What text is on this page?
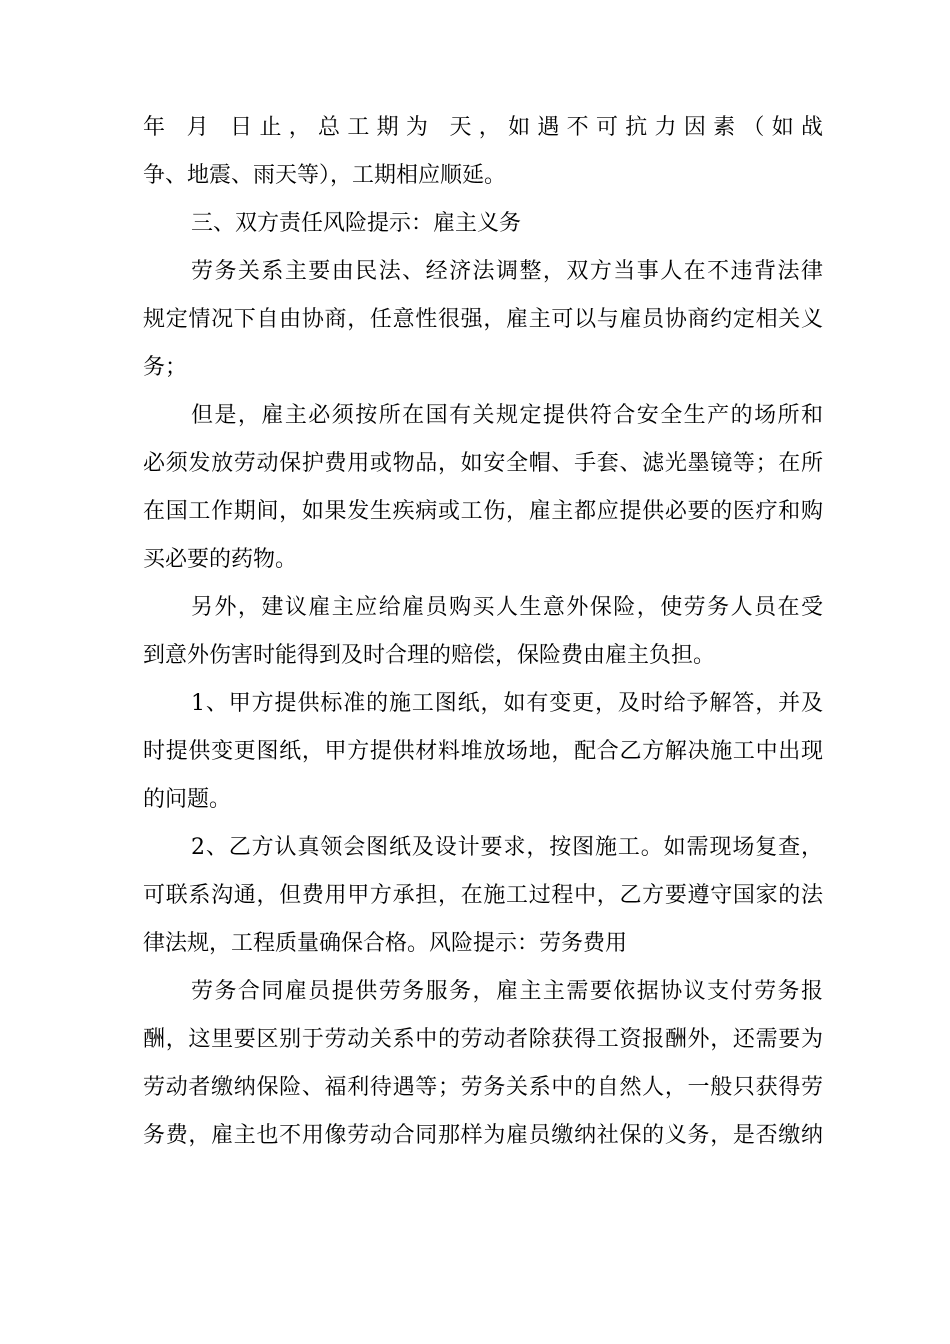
年 月 日止，总工期为 天，如遇不可抗力因素（如战
争、地震、雨天等），工期相应顺延。
三、双方责任风险提示：雇主义务
劳务关系主要由民法、经济法调整，双方当事人在不违背法律
规定情况下自由协商，任意性很强，雇主可以与雇员协商约定相关义
务；
但是，雇主必须按所在国有关规定提供符合安全生产的场所和
必须发放劳动保护费用或物品，如安全帽、手套、滤光墨镜等；在所
在国工作期间，如果发生疾病或工伤，雇主都应提供必要的医疗和购
买必要的药物。
另外，建议雇主应给雇员购买人生意外保险，使劳务人员在受
到意外伤害时能得到及时合理的赔偿，保险费由雇主负担。
1、甲方提供标准的施工图纸，如有变更，及时给予解答，并及
时提供变更图纸，甲方提供材料堆放场地，配合乙方解决施工中出现
的问题。
2、乙方认真领会图纸及设计要求，按图施工。如需现场复查，
可联系沟通，但费用甲方承担，在施工过程中，乙方要遵守国家的法
律法规，工程质量确保合格。风险提示：劳务费用
劳务合同雇员提供劳务服务，雇主主需要依据协议支付劳务报
酬，这里要区别于劳动关系中的劳动者除获得工资报酬外，还需要为
劳动者缴纳保险、福利待遇等；劳务关系中的自然人，一般只获得劳
务费，雇主也不用像劳动合同那样为雇员缴纳社保的义务，是否缴纳
